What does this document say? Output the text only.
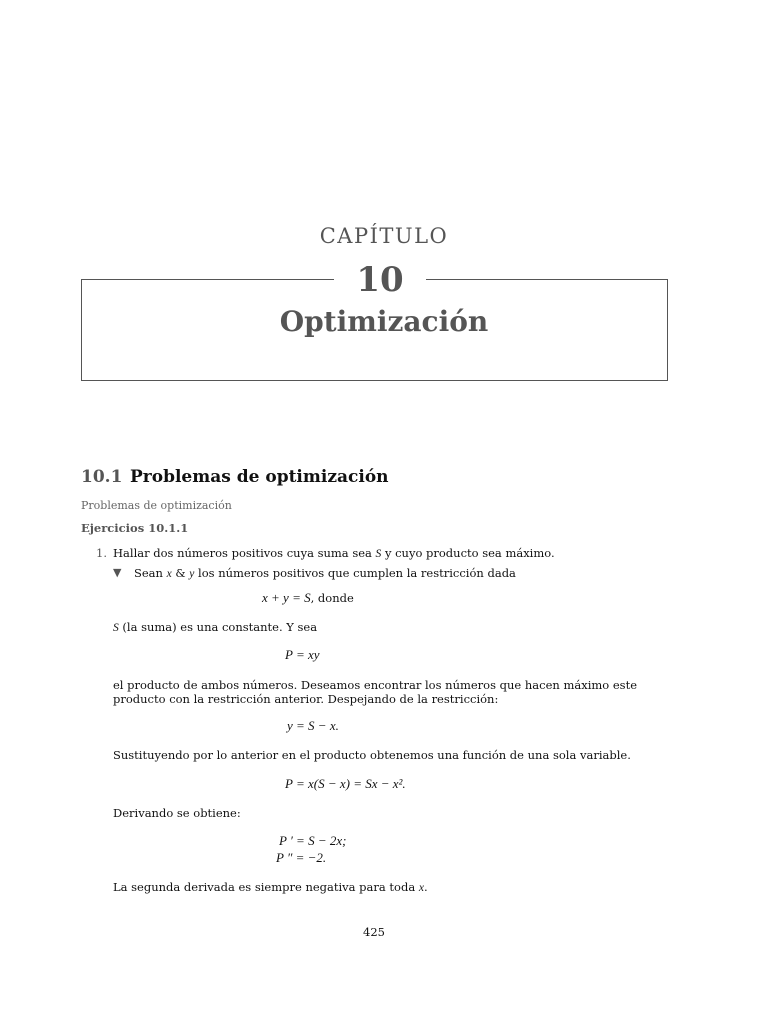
CAPÍTULO
10
Optimización
10.1 Problemas de optimización
Problemas de optimización
Ejercicios 10.1.1
1. Hallar dos números positivos cuya suma sea S y cuyo producto sea máximo.
▼ Sean x & y los números positivos que cumplen la restricción dada
x + y = S, donde
S (la suma) es una constante. Y sea
P = xy
el producto de ambos números. Deseamos encontrar los números que hacen máximo este producto con la restricción anterior. Despejando de la restricción:
y = S − x.
Sustituyendo por lo anterior en el producto obtenemos una función de una sola variable.
P = x(S − x) = Sx − x².
Derivando se obtiene:
P ′ = S − 2x;
P ″ = −2.
La segunda derivada es siempre negativa para toda x.
425
